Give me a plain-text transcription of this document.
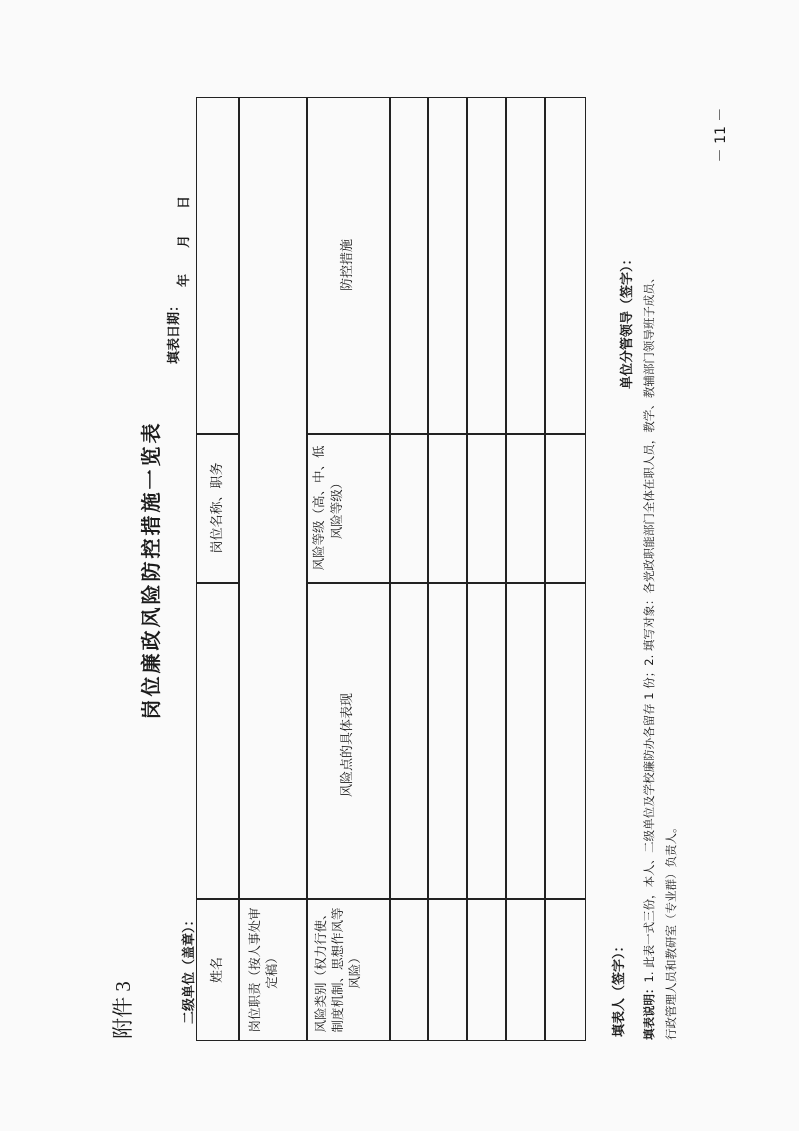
附件 3
岗位廉政风险防控措施一览表
二级单位（盖章）：
填表日期：
年　　月　　日
姓名
岗位名称、职务
岗位职责（按人事处审定稿）	风险类别（权力行使、制度机制、思想作风等风险）
风险点的具体表现
风险等级（高、中、低风险等级）
防控措施
填表人（签字）：
单位分管领导（签字）：
填表说明：1. 此表一式三份，本人、二级单位及学校廉防办各留存 1 份；2. 填写对象：各党政职能部门全体在职人员，教学、教辅部门领导班子成员、 行政管理人员和教研室（专业群）负责人。
－ 11 －
